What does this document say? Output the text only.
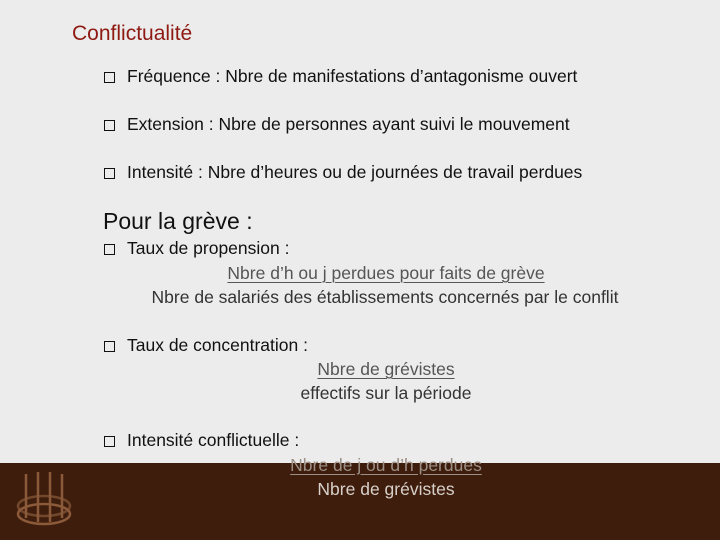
Conflictualité
Fréquence : Nbre de manifestations d’antagonisme ouvert
Extension : Nbre de personnes ayant suivi le mouvement
Intensité : Nbre d’heures ou de journées de travail perdues
Pour la grève :
Taux de propension :
Nbre d’h ou j perdues pour faits de grève
Nbre de salariés des établissements concernés par le conflit
Taux de concentration :
Nbre de grévistes
effectifs sur la période
Intensité conflictuelle :
Nbre de j ou d’h perdues
Nbre de grévistes
